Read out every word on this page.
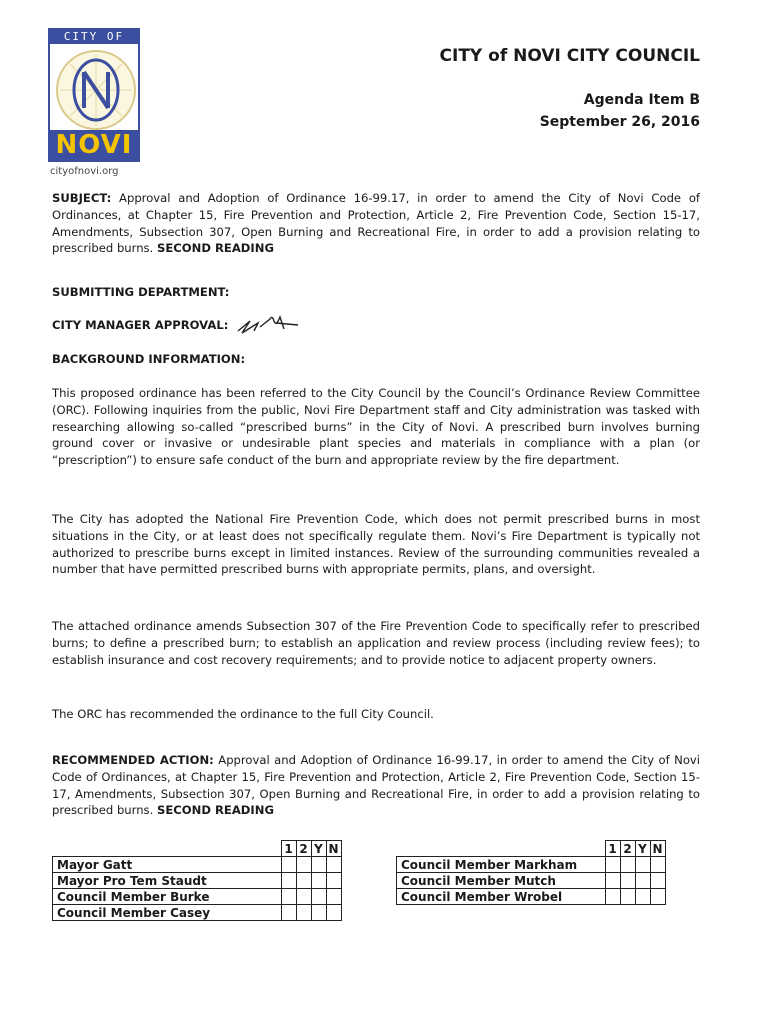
CITY OF
NOVI
cityofnovi.org
CITY of NOVI CITY COUNCIL
Agenda Item B
September 26, 2016
SUBJECT: Approval and Adoption of Ordinance 16-99.17, in order to amend the City of Novi Code of Ordinances, at Chapter 15, Fire Prevention and Protection, Article 2, Fire Prevention Code, Section 15-17, Amendments, Subsection 307, Open Burning and Recreational Fire, in order to add a provision relating to prescribed burns. SECOND READING
SUBMITTING DEPARTMENT:
CITY MANAGER APPROVAL:
BACKGROUND INFORMATION:
This proposed ordinance has been referred to the City Council by the Council’s Ordinance Review Committee (ORC). Following inquiries from the public, Novi Fire Department staff and City administration was tasked with researching allowing so-called “prescribed burns” in the City of Novi. A prescribed burn involves burning ground cover or invasive or undesirable plant species and materials in compliance with a plan (or “prescription”) to ensure safe conduct of the burn and appropriate review by the fire department.
The City has adopted the National Fire Prevention Code, which does not permit prescribed burns in most situations in the City, or at least does not specifically regulate them. Novi’s Fire Department is typically not authorized to prescribe burns except in limited instances. Review of the surrounding communities revealed a number that have permitted prescribed burns with appropriate permits, plans, and oversight.
The attached ordinance amends Subsection 307 of the Fire Prevention Code to specifically refer to prescribed burns; to define a prescribed burn; to establish an application and review process (including review fees); to establish insurance and cost recovery requirements; and to provide notice to adjacent property owners.
The ORC has recommended the ordinance to the full City Council.
RECOMMENDED ACTION: Approval and Adoption of Ordinance 16-99.17, in order to amend the City of Novi Code of Ordinances, at Chapter 15, Fire Prevention and Protection, Article 2, Fire Prevention Code, Section 15-17, Amendments, Subsection 307, Open Burning and Recreational Fire, in order to add a provision relating to prescribed burns. SECOND READING
	1	2	Y	N
Mayor Gatt				
Mayor Pro Tem Staudt				
Council Member Burke				
Council Member Casey				
	1	2	Y	N
Council Member Markham				
Council Member Mutch				
Council Member Wrobel				
